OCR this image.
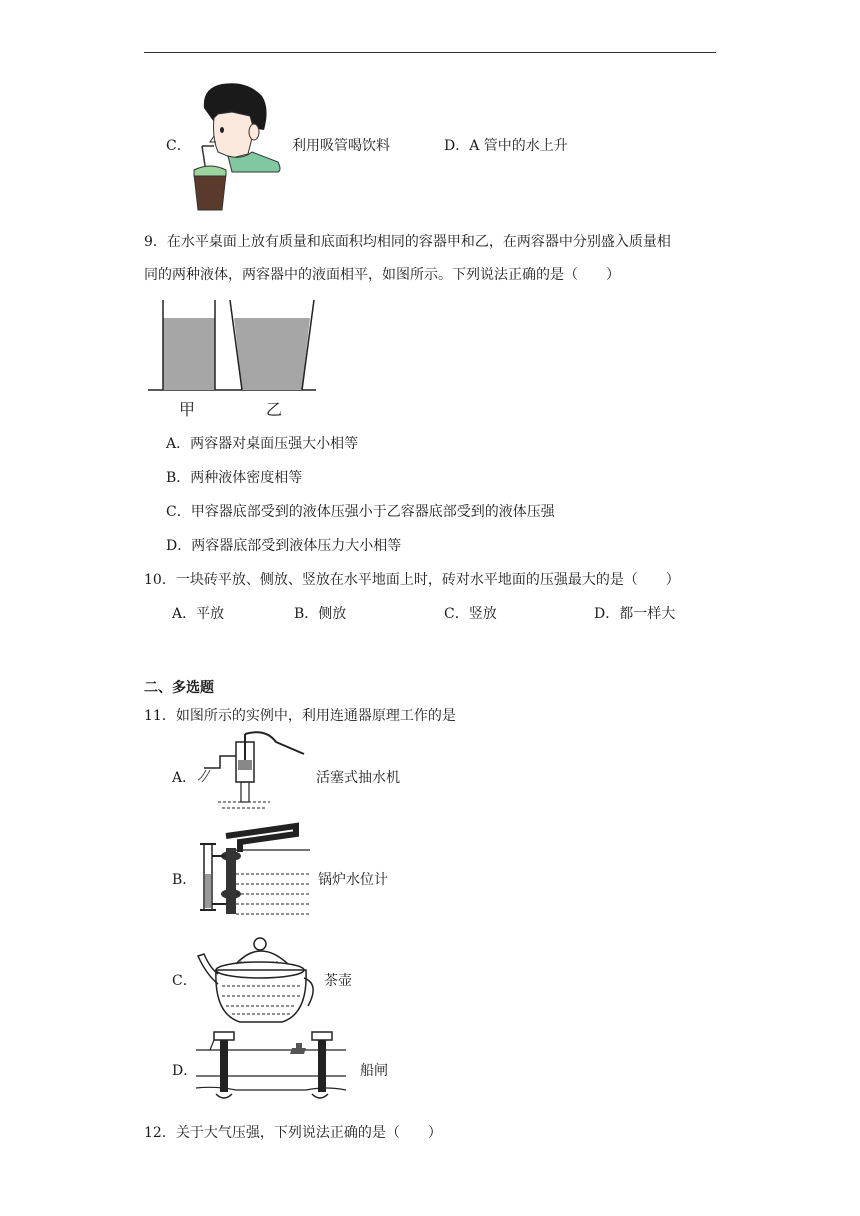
C．	利用吸管喝饮料	D．A 管中的水上升
9．在水平桌面上放有质量和底面积均相同的容器甲和乙，在两容器中分别盛入质量相
同的两种液体，两容器中的液面相平，如图所示。下列说法正确的是（　　）
甲	乙
A．两容器对桌面压强大小相等
B．两种液体密度相等
C．甲容器底部受到的液体压强小于乙容器底部受到的液体压强
D．两容器底部受到液体压力大小相等
10．一块砖平放、侧放、竖放在水平地面上时，砖对水平地面的压强最大的是（　　）
A．平放	B．侧放	C．竖放	D．都一样大
二、多选题
11．如图所示的实例中，利用连通器原理工作的是
A．	活塞式抽水机
B．	锅炉水位计
C．	茶壶
D．	船闸
12．关于大气压强，下列说法正确的是（　　）
